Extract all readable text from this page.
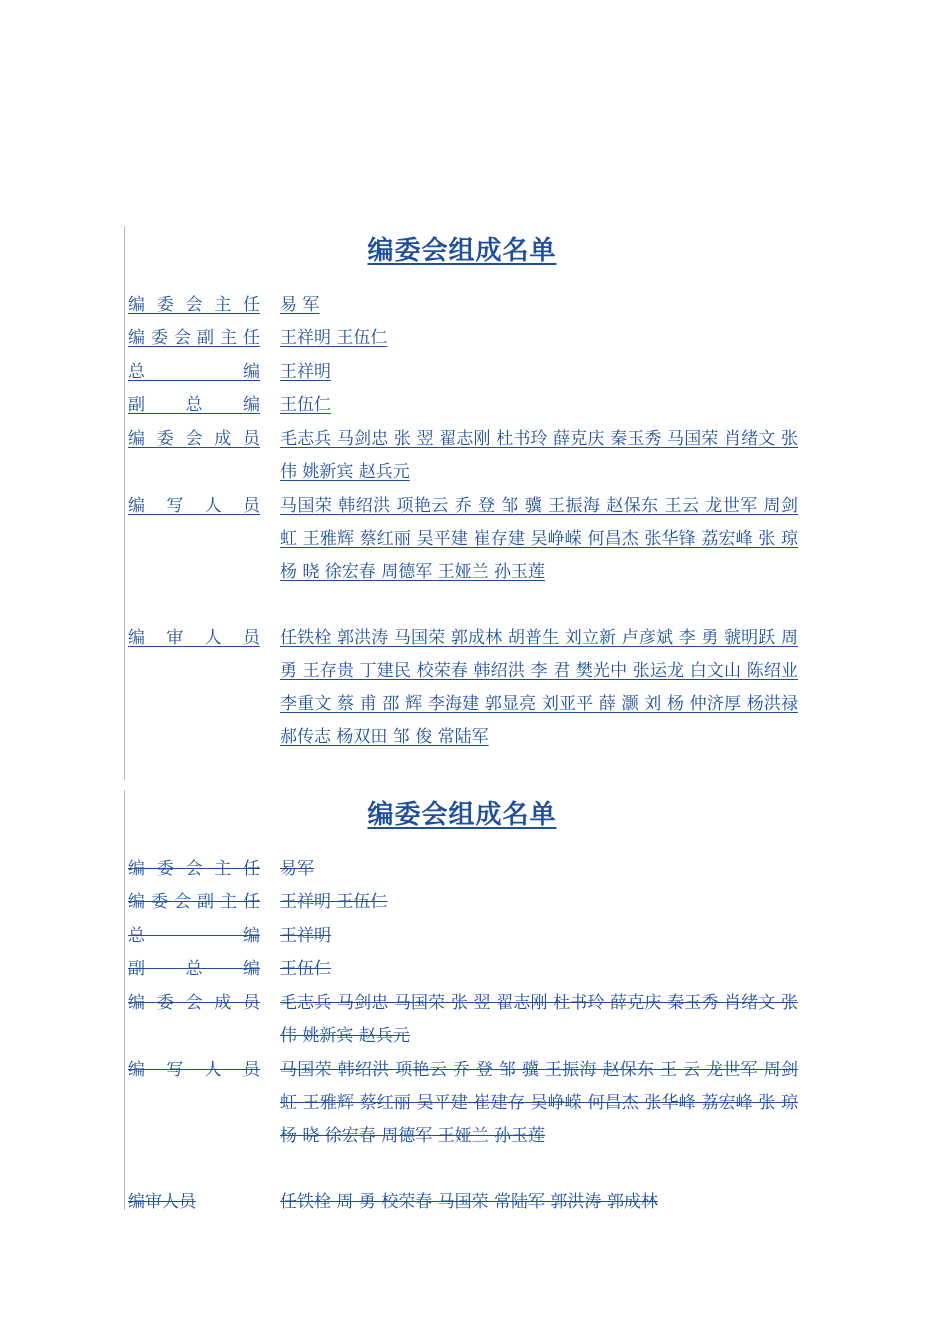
编委会组成名单
编委会主任 易 军
编委会副主任 王祥明 王伍仁
总编 王祥明
副总编 王伍仁
编委会成员 毛志兵 马剑忠 张 翌 翟志刚 杜书玲 薛克庆 秦玉秀 马国荣 肖绪文 张 伟 姚新宾 赵兵元
编写人员 马国荣 韩绍洪 项艳云 乔 登 邹 骥 王振海 赵保东 王云 龙世军 周剑虹 王雅辉 蔡红丽 吴平建 崔存建 吴峥嵘 何昌杰 张华锋 荔宏峰 张 琼 杨 晓 徐宏春 周德军 王娅兰 孙玉莲
编审人员 任铁栓 郭洪涛 马国荣 郭成林 胡普生 刘立新 卢彦斌 李 勇 虢明跃 周 勇 王存贵 丁建民 校荣春 韩绍洪 李 君 樊光中 张运龙 白文山 陈绍业 李重文 蔡 甫 邵 辉 李海建 郭显亮 刘亚平 薛 灏 刘 杨 仲济厚 杨洪禄 郝传志 杨双田 邹 俊 常陆军
编委会组成名单
编委会主任 易军
编委会副主任 王祥明 王伍仁
总编 王祥明
副总编 王伍仁
编委会成员 毛志兵 马剑忠 马国荣 张 翌 翟志刚 杜书玲 薛克庆 秦玉秀 肖绪文 张 伟 姚新宾 赵兵元
编写人员 马国荣 韩绍洪 项艳云 乔 登 邹 骥 王振海 赵保东 王 云 龙世军 周剑虹 王雅辉 蔡红丽 吴平建 崔建存 吴峥嵘 何昌杰 张华峰 荔宏峰 张 琼 杨 晓 徐宏春 周德军 王娅兰 孙玉莲
编审人员	任铁栓 周 勇 校荣春 马国荣 常陆军 郭洪涛 郭成林
